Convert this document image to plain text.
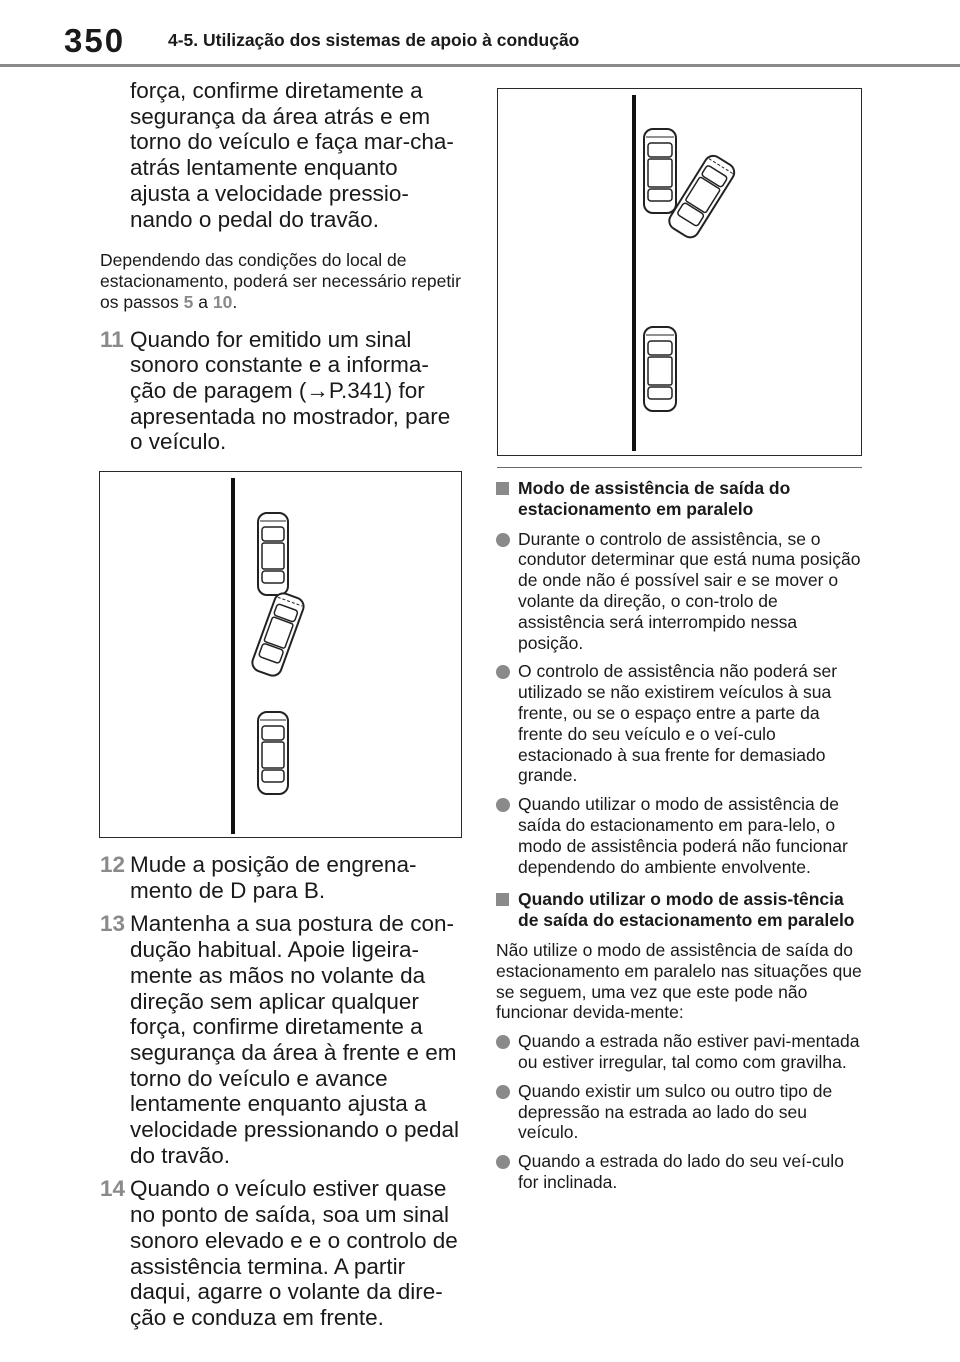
350 4-5. Utilização dos sistemas de apoio à condução

força, confirme diretamente a segurança da área atrás e em torno do veículo e faça mar-cha-atrás lentamente enquanto ajusta a velocidade pressio-nando o pedal do travão.

Dependendo das condições do local de estacionamento, poderá ser necessário repetir os passos 5 a 10.

11 Quando for emitido um sinal sonoro constante e a informa-ção de paragem (→P.341) for apresentada no mostrador, pare o veículo.
12 Mude a posição de engrena-mento de D para B.
13 Mantenha a sua postura de con-dução habitual. Apoie ligeira-mente as mãos no volante da direção sem aplicar qualquer força, confirme diretamente a segurança da área à frente e em torno do veículo e avance lentamente enquanto ajusta a velocidade pressionando o pedal do travão.
14 Quando o veículo estiver quase no ponto de saída, soa um sinal sonoro elevado e e o controlo de assistência termina. A partir daqui, agarre o volante da dire-ção e conduza em frente.
Modo de assistência de saída do estacionamento em paralelo
Durante o controlo de assistência, se o condutor determinar que está numa posição de onde não é possível sair e se mover o volante da direção, o con-trolo de assistência será interrompido nessa posição.
O controlo de assistência não poderá ser utilizado se não existirem veículos à sua frente, ou se o espaço entre a parte da frente do seu veículo e o veí-culo estacionado à sua frente for demasiado grande.
Quando utilizar o modo de assistência de saída do estacionamento em para-lelo, o modo de assistência poderá não funcionar dependendo do ambiente envolvente.
Quando utilizar o modo de assis-tência de saída do estacionamento em paralelo

Não utilize o modo de assistência de saída do estacionamento em paralelo nas situações que se seguem, uma vez que este pode não funcionar devida-mente:

Quando a estrada não estiver pavi-mentada ou estiver irregular, tal como com gravilha.
Quando existir um sulco ou outro tipo de depressão na estrada ao lado do seu veículo.
Quando a estrada do lado do seu veí-culo for inclinada.
